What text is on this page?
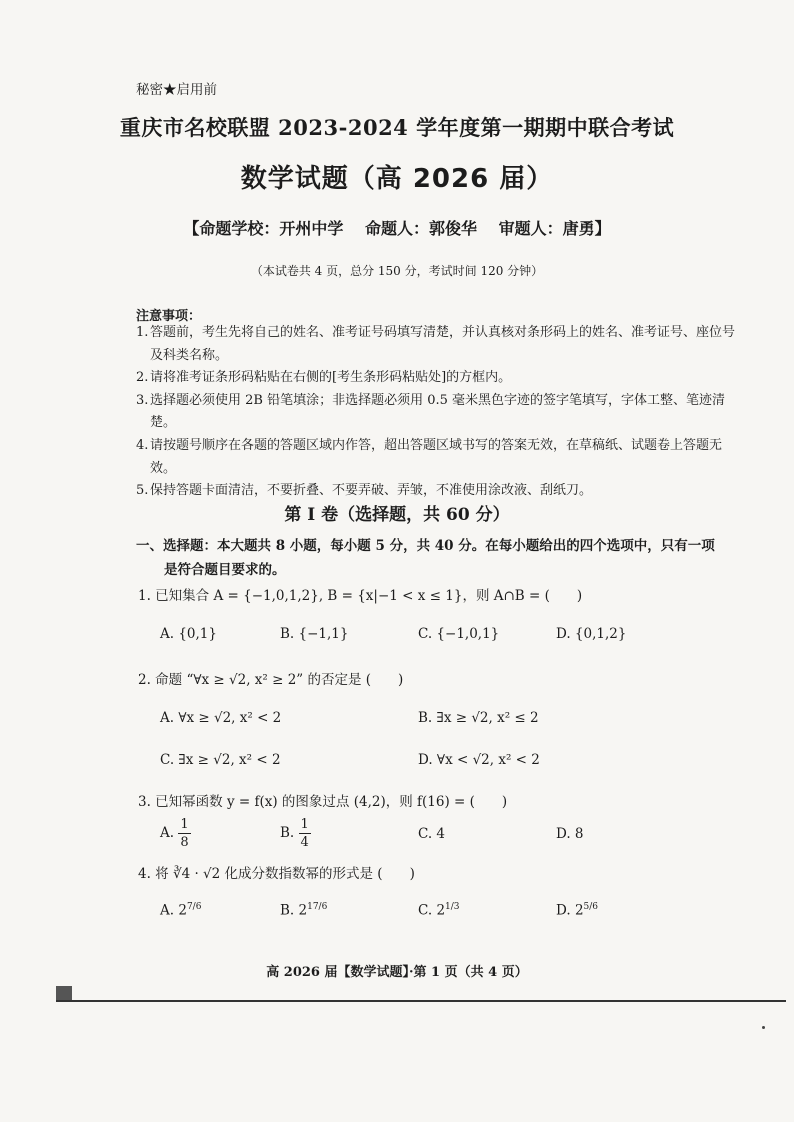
秘密★启用前
重庆市名校联盟 2023-2024 学年度第一期期中联合考试
数学试题（高 2026 届）
【命题学校：开州中学 命题人：郭俊华 审题人：唐勇】
（本试卷共 4 页，总分 150 分，考试时间 120 分钟）
注意事项：
1. 答题前，考生先将自己的姓名、准考证号码填写清楚，并认真核对条形码上的姓名、准考证号、座位号及科类名称。
2. 请将准考证条形码粘贴在右侧的[考生条形码粘贴处]的方框内。
3. 选择题必须使用 2B 铅笔填涂；非选择题必须用 0.5 毫米黑色字迹的签字笔填写，字体工整、笔迹清楚。
4. 请按题号顺序在各题的答题区域内作答，超出答题区域书写的答案无效，在草稿纸、试题卷上答题无效。
5. 保持答题卡面清洁，不要折叠、不要弄破、弄皱，不准使用涂改液、刮纸刀。
第 I 卷（选择题，共 60 分）
一、选择题：本大题共 8 小题，每小题 5 分，共 40 分。在每小题给出的四个选项中，只有一项
是符合题目要求的。
1. 已知集合 A = {−1,0,1,2}, B = {x|−1 < x ≤ 1}，则 A∩B = (　　)
A. {0,1}	B. {−1,1}	C. {−1,0,1}	D. {0,1,2}
2. 命题 “∀x ≥ √2, x² ≥ 2” 的否定是 (　　)
A. ∀x ≥ √2, x² < 2	B. ∃x ≥ √2, x² ≤ 2
C. ∃x ≥ √2, x² < 2	D. ∀x < √2, x² < 2
3. 已知幂函数 y = f(x) 的图象过点 (4,2)，则 f(16) = (　　)
A. $\frac{1}{8}$	B. $\frac{1}{4}$	C. 4	D. 8
4. 将 ∛4 · √2 化成分数指数幂的形式是 (　　)
A. $2^{7/6}$	B. $2^{17/6}$	C. $2^{1/3}$	D. $2^{5/6}$
高 2026 届【数学试题】·第 1 页（共 4 页）
